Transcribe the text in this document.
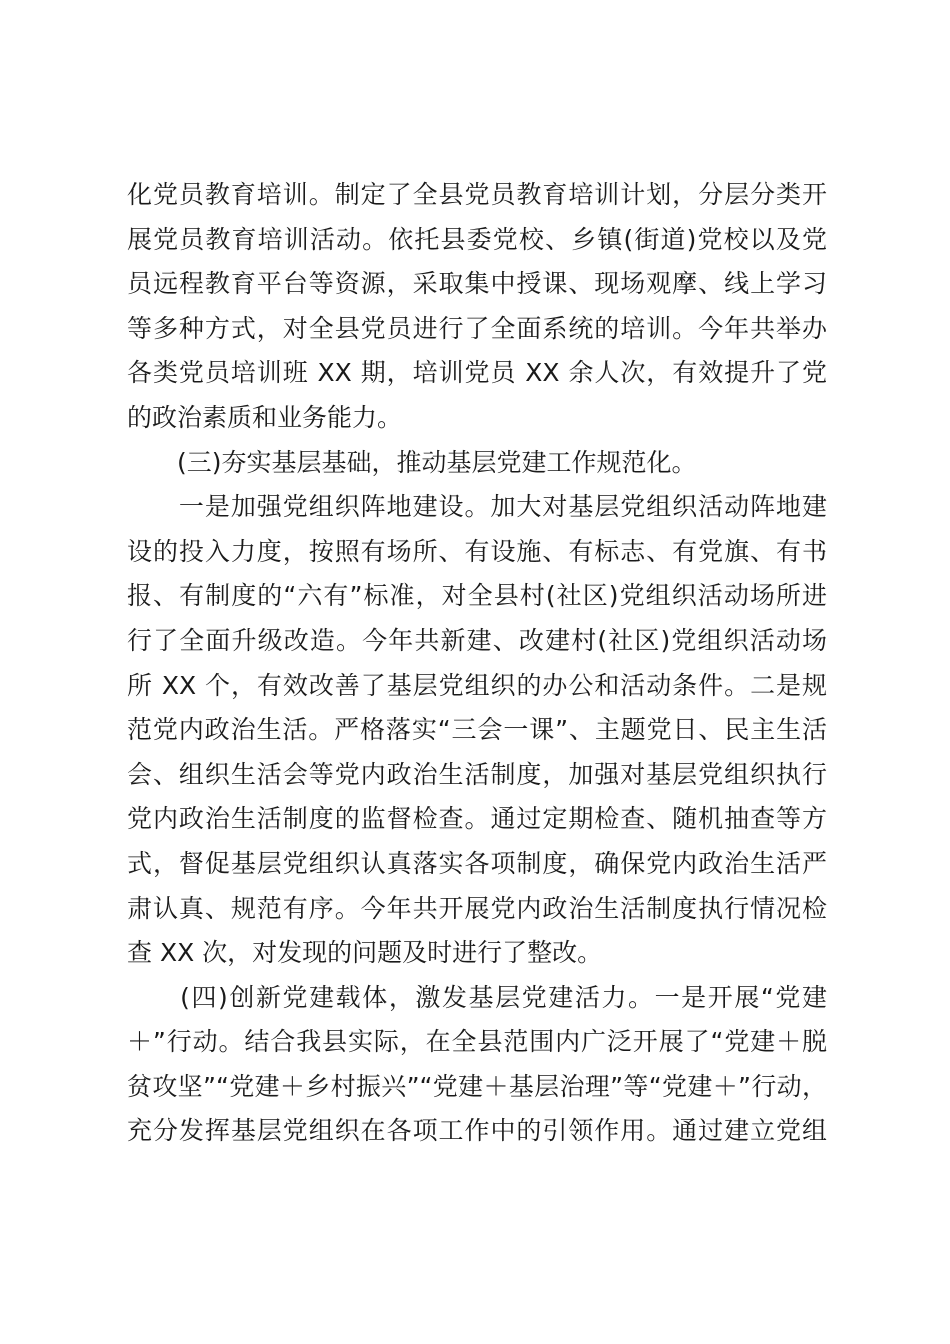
化党员教育培训。制定了全县党员教育培训计划，分层分类开
展党员教育培训活动。依托县委党校、乡镇(街道)党校以及党
员远程教育平台等资源，采取集中授课、现场观摩、线上学习
等多种方式，对全县党员进行了全面系统的培训。今年共举办
各类党员培训班 XX 期，培训党员 XX 余人次，有效提升了党
的政治素质和业务能力。
　　(三)夯实基层基础，推动基层党建工作规范化。
　　一是加强党组织阵地建设。加大对基层党组织活动阵地建
设的投入力度，按照有场所、有设施、有标志、有党旗、有书
报、有制度的“六有”标准，对全县村(社区)党组织活动场所进
行了全面升级改造。今年共新建、改建村(社区)党组织活动场
所 XX 个，有效改善了基层党组织的办公和活动条件。二是规
范党内政治生活。严格落实“三会一课”、主题党日、民主生活
会、组织生活会等党内政治生活制度，加强对基层党组织执行
党内政治生活制度的监督检查。通过定期检查、随机抽查等方
式，督促基层党组织认真落实各项制度，确保党内政治生活严
肃认真、规范有序。今年共开展党内政治生活制度执行情况检
查 XX 次，对发现的问题及时进行了整改。
　　(四)创新党建载体，激发基层党建活力。一是开展“党建
＋”行动。结合我县实际，在全县范围内广泛开展了“党建＋脱
贫攻坚”“党建＋乡村振兴”“党建＋基层治理”等“党建＋”行动，
充分发挥基层党组织在各项工作中的引领作用。通过建立党组
